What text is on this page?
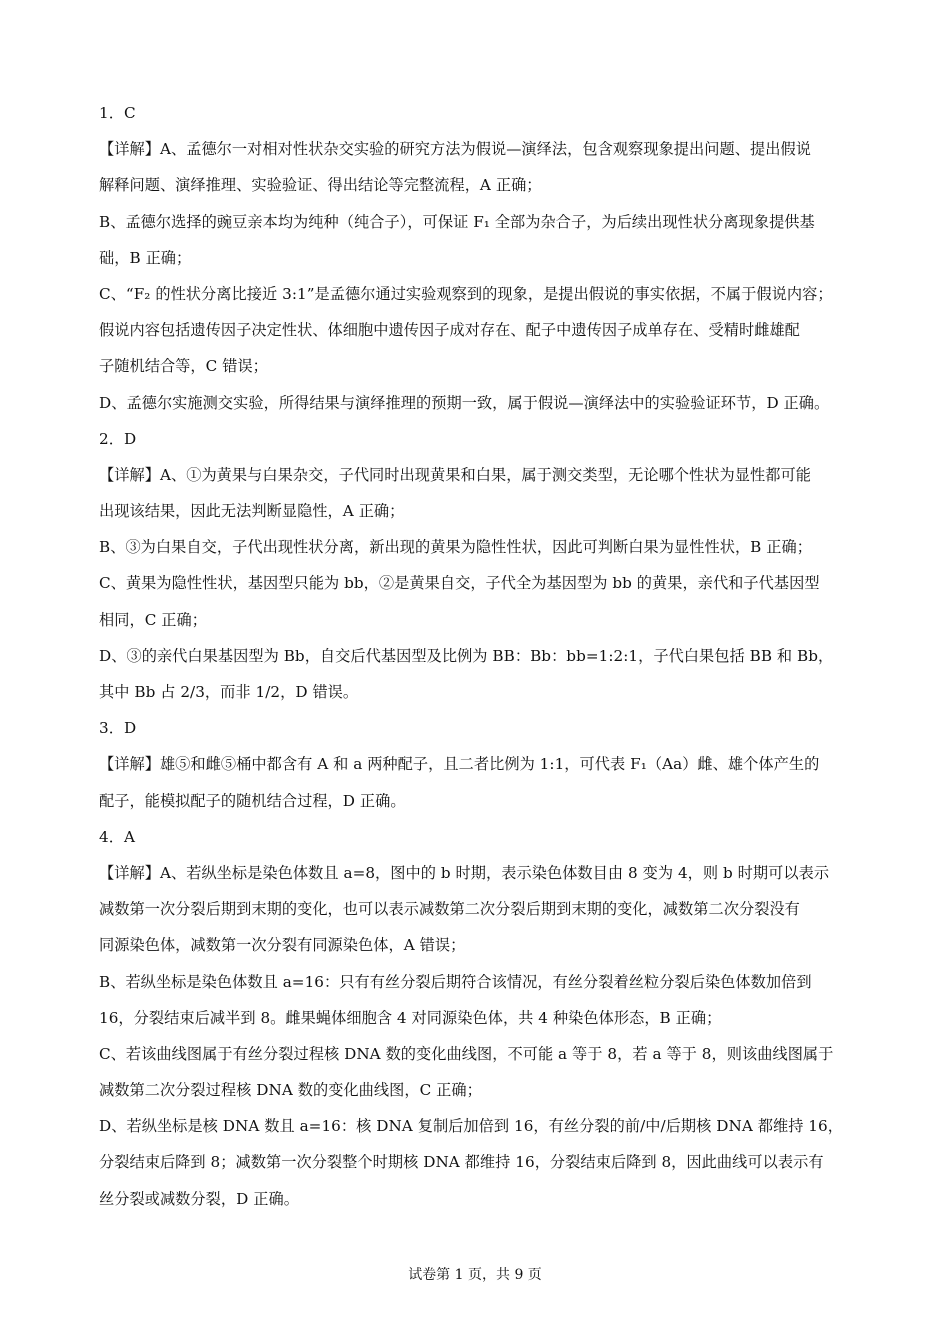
1．C
【详解】A、孟德尔一对相对性状杂交实验的研究方法为假说—演绎法，包含观察现象提出问题、提出假说
解释问题、演绎推理、实验验证、得出结论等完整流程，A 正确；
B、孟德尔选择的豌豆亲本均为纯种（纯合子），可保证 F₁ 全部为杂合子，为后续出现性状分离现象提供基
础，B 正确；
C、“F₂ 的性状分离比接近 3:1”是孟德尔通过实验观察到的现象，是提出假说的事实依据，不属于假说内容；
假说内容包括遗传因子决定性状、体细胞中遗传因子成对存在、配子中遗传因子成单存在、受精时雌雄配
子随机结合等，C 错误；
D、孟德尔实施测交实验，所得结果与演绎推理的预期一致，属于假说—演绎法中的实验验证环节，D 正确。
2．D
【详解】A、①为黄果与白果杂交，子代同时出现黄果和白果，属于测交类型，无论哪个性状为显性都可能
出现该结果，因此无法判断显隐性，A 正确；
B、③为白果自交，子代出现性状分离，新出现的黄果为隐性性状，因此可判断白果为显性性状，B 正确；
C、黄果为隐性性状，基因型只能为 bb，②是黄果自交，子代全为基因型为 bb 的黄果，亲代和子代基因型
相同，C 正确；
D、③的亲代白果基因型为 Bb，自交后代基因型及比例为 BB：Bb：bb=1:2:1，子代白果包括 BB 和 Bb，
其中 Bb 占 2/3，而非 1/2，D 错误。
3．D
【详解】雄⑤和雌⑤桶中都含有 A 和 a 两种配子，且二者比例为 1:1，可代表 F₁（Aa）雌、雄个体产生的
配子，能模拟配子的随机结合过程，D 正确。
4．A
【详解】A、若纵坐标是染色体数且 a=8，图中的 b 时期，表示染色体数目由 8 变为 4，则 b 时期可以表示
减数第一次分裂后期到末期的变化，也可以表示减数第二次分裂后期到末期的变化，减数第二次分裂没有
同源染色体，减数第一次分裂有同源染色体，A 错误；
B、若纵坐标是染色体数且 a=16：只有有丝分裂后期符合该情况，有丝分裂着丝粒分裂后染色体数加倍到
16，分裂结束后减半到 8。雌果蝇体细胞含 4 对同源染色体，共 4 种染色体形态，B 正确；
C、若该曲线图属于有丝分裂过程核 DNA 数的变化曲线图，不可能 a 等于 8，若 a 等于 8，则该曲线图属于
减数第二次分裂过程核 DNA 数的变化曲线图，C 正确；
D、若纵坐标是核 DNA 数且 a=16：核 DNA 复制后加倍到 16，有丝分裂的前/中/后期核 DNA 都维持 16，
分裂结束后降到 8；减数第一次分裂整个时期核 DNA 都维持 16，分裂结束后降到 8，因此曲线可以表示有
丝分裂或减数分裂，D 正确。
试卷第 1 页，共 9 页
